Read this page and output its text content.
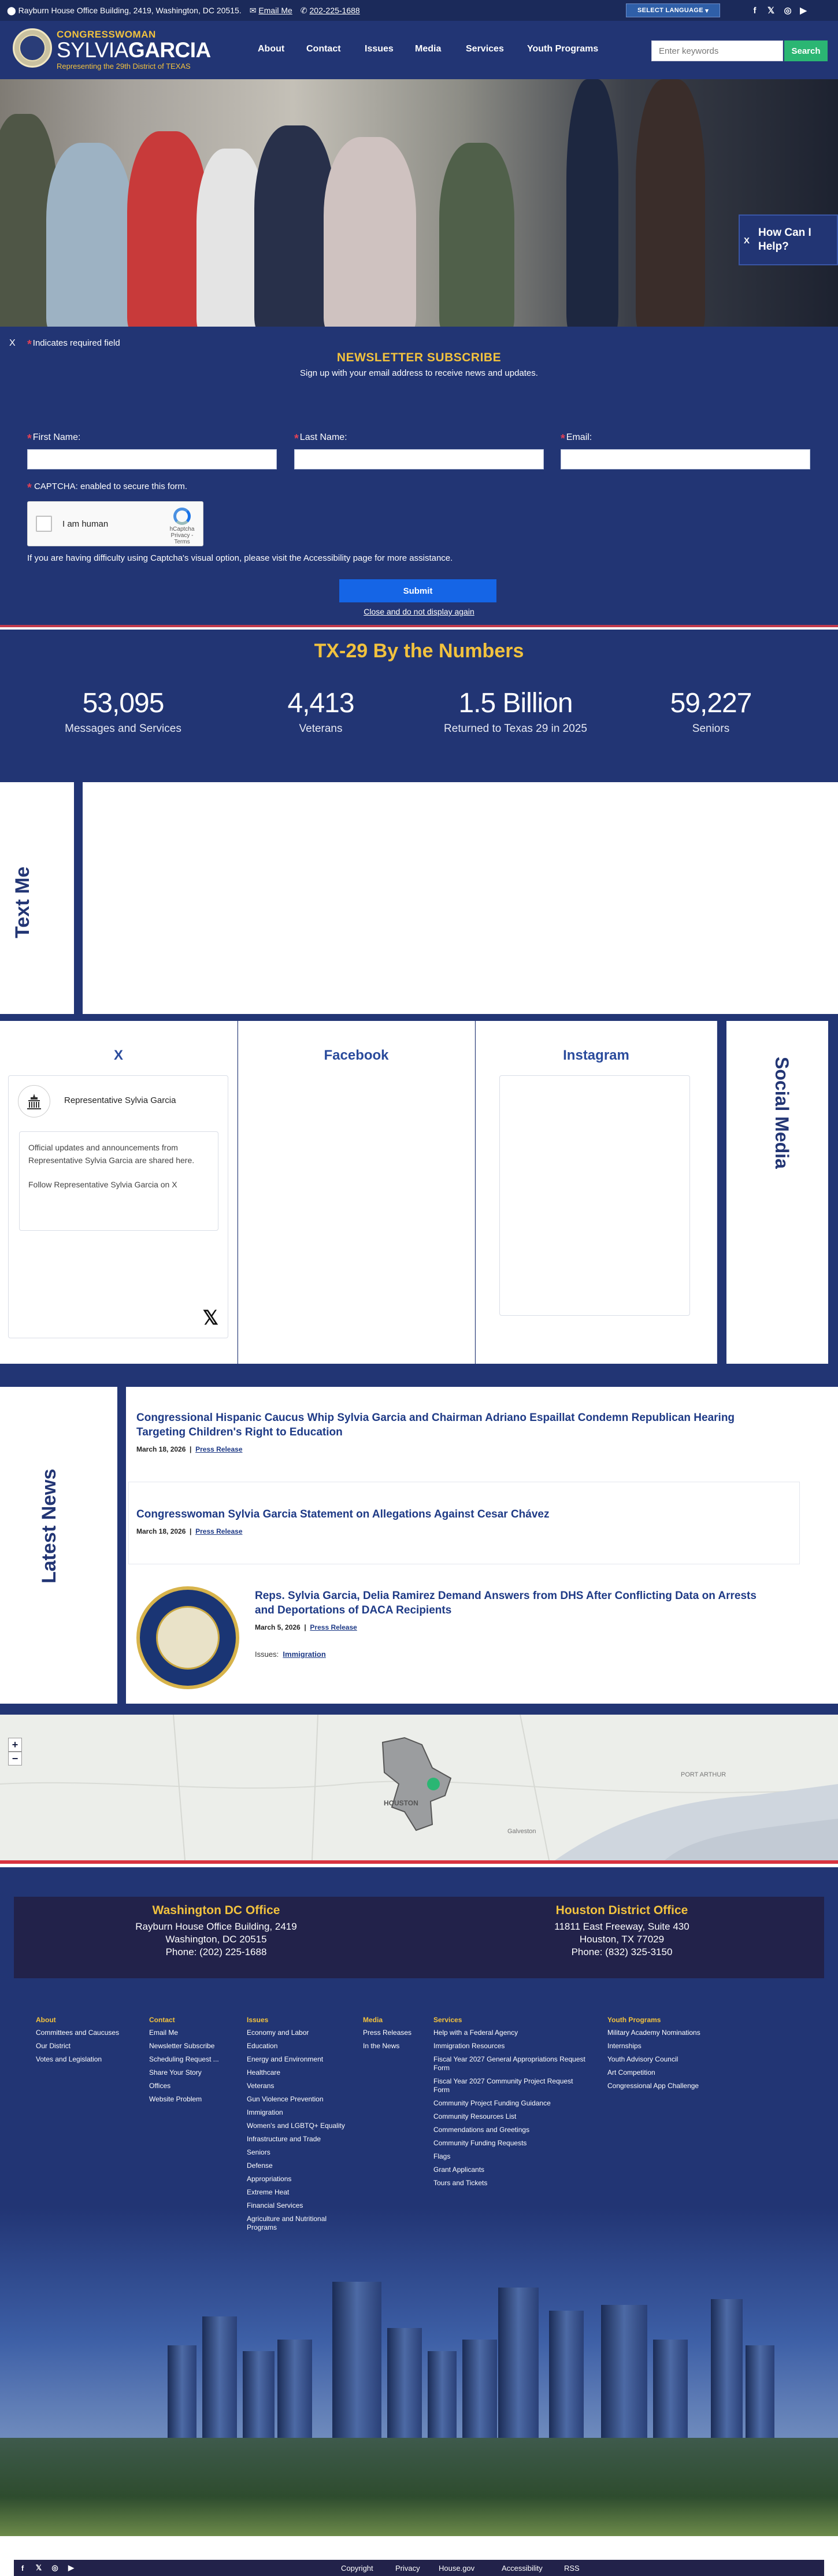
⬤ Rayburn House Office Building, 2419, Washington, DC 20515. ✉ Email Me ✆ 202-225-1688	SELECT LANGUAGE
▾	f	𝕏 ◎ ▶
CONGRESSWOMAN
SYLVIAGARCIA
Representing the 29th District of TEXAS
About Contact	Issues Media	Services	Youth Programs	Enter keywords	Search
X
How Can I Help?
X * Indicates required field
NEWSLETTER SUBSCRIBE
Sign up with your email address to receive news and updates.
* First Name:	* Last Name:	* Email:
* CAPTCHA: enabled to secure this form.
I am human
hCaptcha
Privacy - Terms
If you are having difficulty using Captcha's visual option, please visit the Accessibility page for more assistance.
Submit
Close and do not display again
TX-29 By the Numbers
53,095
Messages and Services
4,413
Veterans
1.5 Billion
Returned to Texas 29 in 2025
59,227
Seniors
Text Me
X
Representative Sylvia Garcia
Official updates and announcements from Representative Sylvia Garcia are shared here.
Follow Representative Sylvia Garcia on X
𝕏
Facebook	Instagram
Social Media
Latest News
Congressional Hispanic Caucus Whip Sylvia Garcia and Chairman Adriano Espaillat Condemn Republican Hearing Targeting Children's Right to Education
March 18, 2026  |  Press Release
Congresswoman Sylvia Garcia Statement on Allegations Against Cesar Chávez
March 18, 2026  |  Press Release
Reps. Sylvia Garcia, Delia Ramirez Demand Answers from DHS After Conflicting Data on Arrests and Deportations of DACA Recipients
March 5, 2026  |  Press Release
Issues: Immigration
HOUSTON
PORT ARTHUR
Galveston
+
−
Washington DC Office
Rayburn House Office Building, 2419
Washington, DC 20515
Phone: (202) 225-1688
Houston District Office
11811 East Freeway, Suite 430
Houston, TX 77029
Phone: (832) 325-3150
About
Committees and Caucuses
Our District
Votes and Legislation
Contact
Email Me
Newsletter Subscribe
Scheduling Request ...
Share Your Story
Offices
Website Problem
Issues
Economy and Labor
Education
Energy and Environment
Healthcare
Veterans
Gun Violence Prevention
Immigration
Women's and LGBTQ+ Equality
Infrastructure and Trade
Seniors
Defense
Appropriations
Extreme Heat
Financial Services
Agriculture and Nutritional Programs
Media
Press Releases
In the News
Services
Help with a Federal Agency
Immigration Resources
Fiscal Year 2027 General Appropriations Request Form
Fiscal Year 2027 Community Project Request Form
Community Project Funding Guidance
Community Resources List
Commendations and Greetings
Community Funding Requests
Flags
Grant Applicants
Tours and Tickets
Youth Programs
Military Academy Nominations
Internships
Youth Advisory Council
Art Competition
Congressional App Challenge
f	𝕏 ◎	▶	Copyright	Privacy House.gov	Accessibility	RSS
